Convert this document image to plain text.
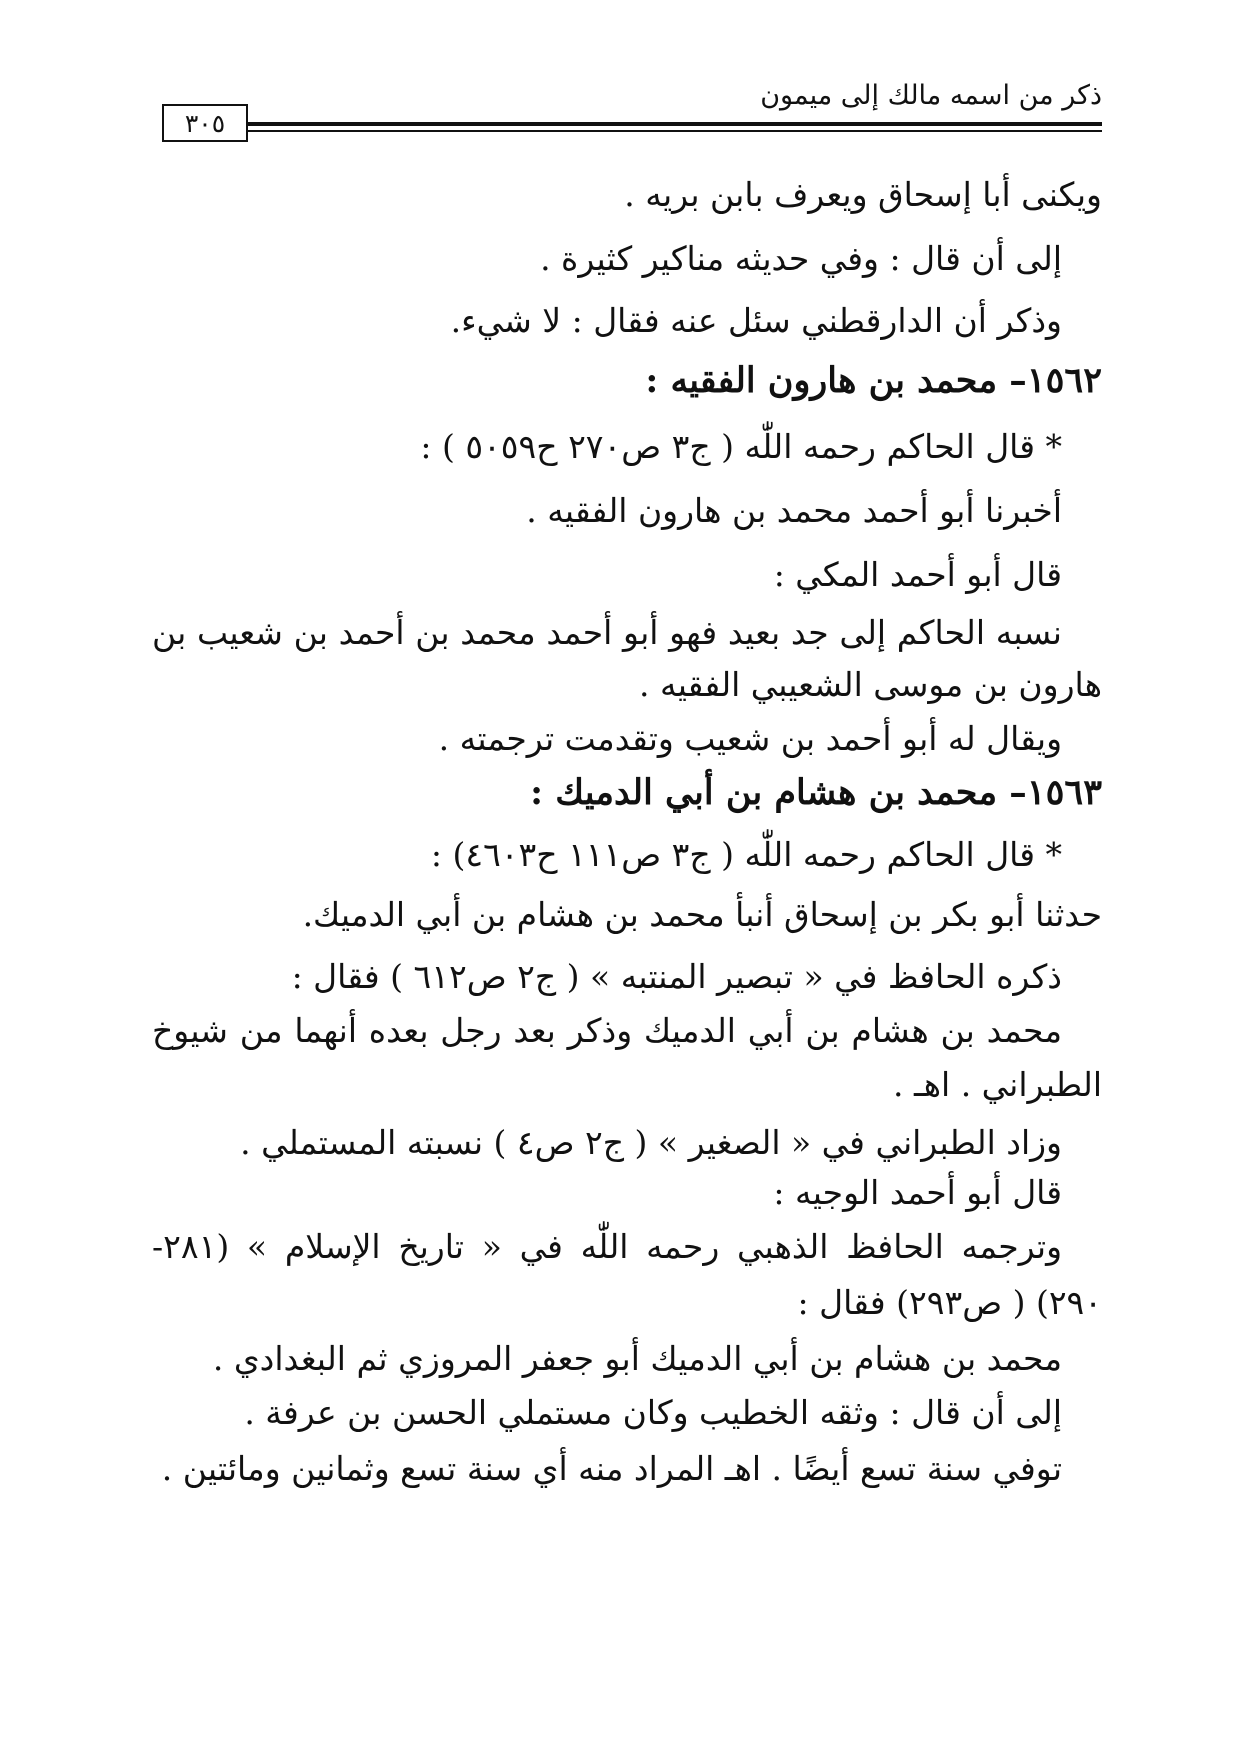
ذكر من اسمه مالك إلى ميمون
٣٠٥
ويكنى أبا إسحاق ويعرف بابن بريه .
إلى أن قال : وفي حديثه مناكير كثيرة .
وذكر أن الدارقطني سئل عنه فقال : لا شيء.
١٥٦٢– محمد بن هارون الفقيه :
* قال الحاكم رحمه اللّٰه ( ج٣ ص٢٧٠ ح٥٠٥٩ ) :
أخبرنا أبو أحمد محمد بن هارون الفقيه .
قال أبو أحمد المكي :
نسبه الحاكم إلى جد بعيد فهو أبو أحمد محمد بن أحمد بن شعيب بن
هارون بن موسى الشعيبي الفقيه .
ويقال له أبو أحمد بن شعيب وتقدمت ترجمته .
١٥٦٣– محمد بن هشام بن أبي الدميك :
* قال الحاكم رحمه اللّٰه ( ج٣ ص١١١ ح٤٦٠٣) :
حدثنا أبو بكر بن إسحاق أنبأ محمد بن هشام بن أبي الدميك.
ذكره الحافظ في « تبصير المنتبه » ( ج٢ ص٦١٢ ) فقال :
محمد بن هشام بن أبي الدميك وذكر بعد رجل بعده أنهما من شيوخ
الطبراني . اهـ .
وزاد الطبراني في « الصغير » ( ج٢ ص٤ ) نسبته المستملي .
قال أبو أحمد الوجيه :
وترجمه الحافظ الذهبي رحمه اللّٰه في « تاريخ الإسلام » (٢٨١-
٢٩٠) ( ص٢٩٣) فقال :
محمد بن هشام بن أبي الدميك أبو جعفر المروزي ثم البغدادي .
إلى أن قال : وثقه الخطيب وكان مستملي الحسن بن عرفة .
توفي سنة تسع أيضًا . اهـ المراد منه أي سنة تسع وثمانين ومائتين .
